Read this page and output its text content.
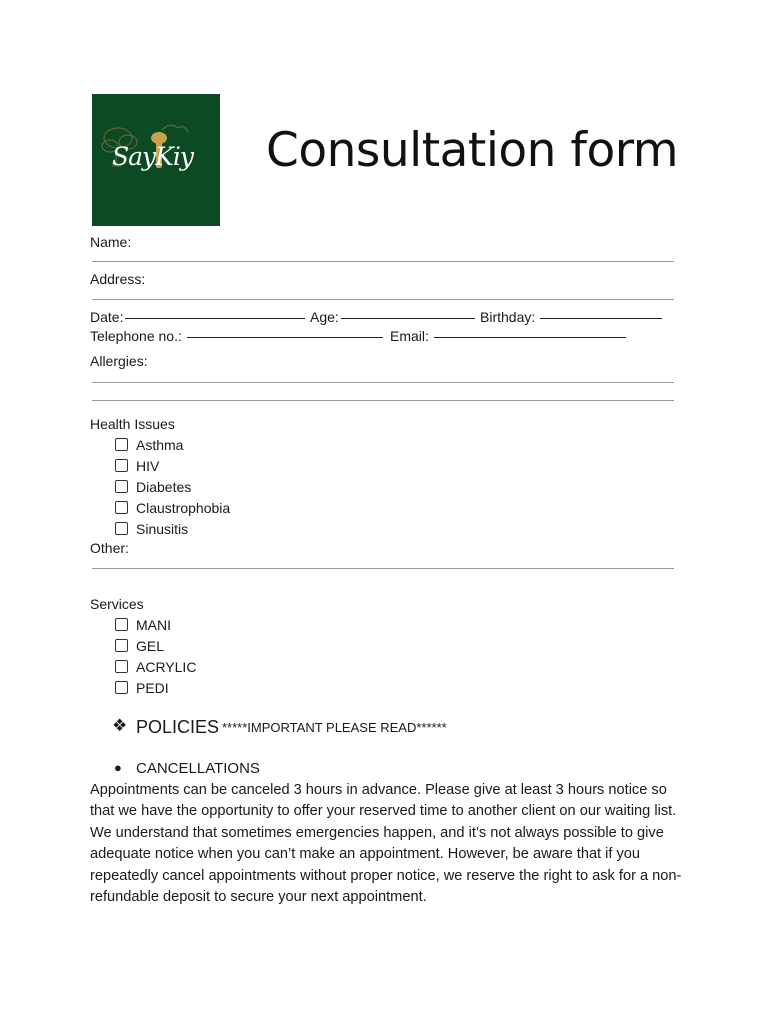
SayKiy Consultation form
Name:
Address:
Date:	Age:	Birthday:
Telephone no.:	Email:
Allergies:
Health Issues
Asthma
HIV
Diabetes
Claustrophobia
Sinusitis
Other:
Services
MANI
GEL
ACRYLIC
PEDI
❖ POLICIES *****IMPORTANT PLEASE READ******
● CANCELLATIONS
Appointments can be canceled 3 hours in advance. Please give at least 3 hours notice so that we have the opportunity to offer your reserved time to another client on our waiting list. We understand that sometimes emergencies happen, and it’s not always possible to give adequate notice when you can’t make an appointment. However, be aware that if you repeatedly cancel appointments without proper notice, we reserve the right to ask for a non-refundable deposit to secure your next appointment.
